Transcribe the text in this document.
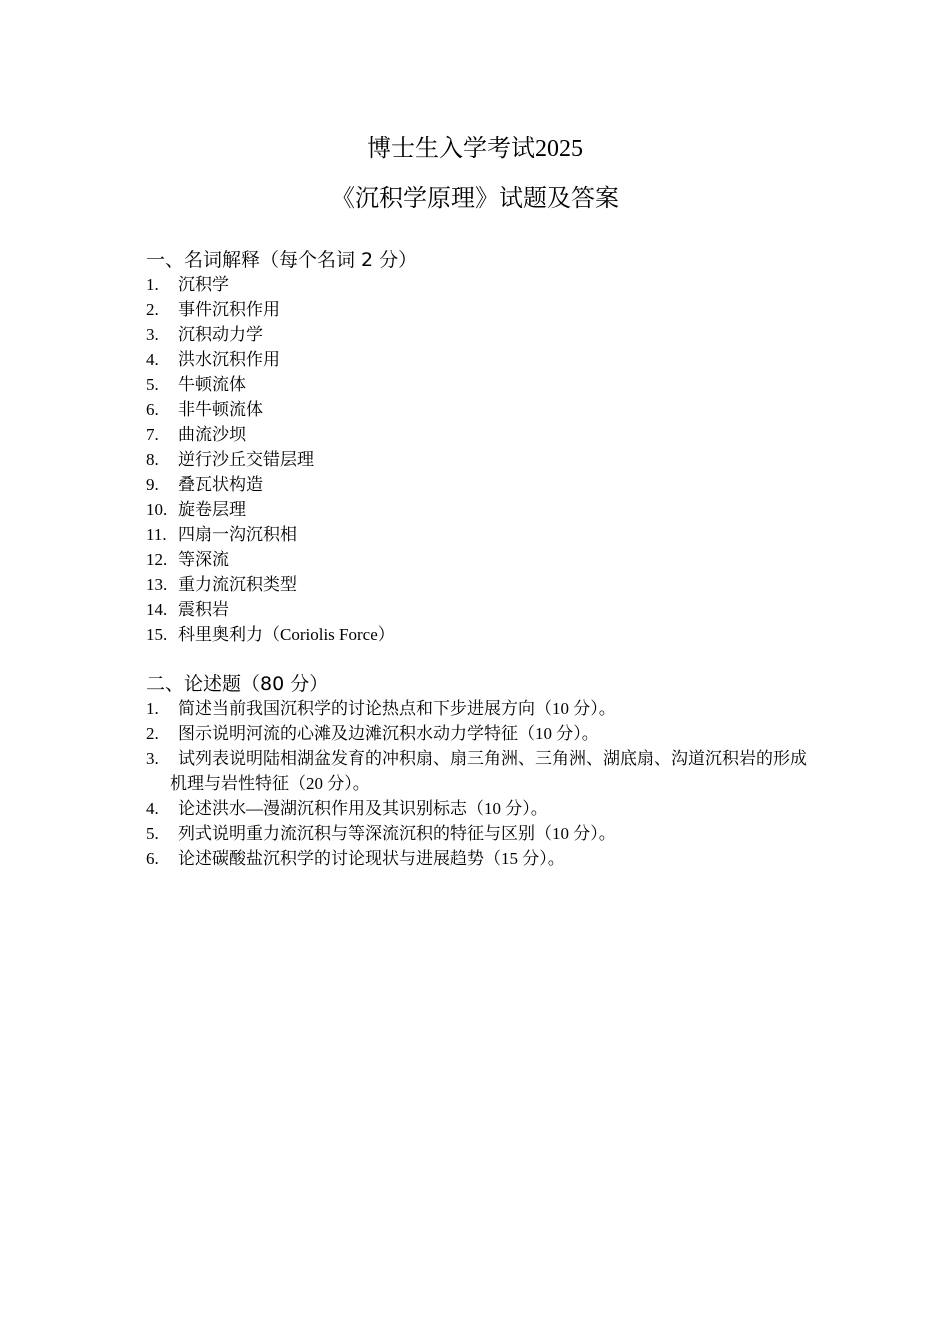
博士生入学考试2025
《沉积学原理》试题及答案
一、名词解释（每个名词 2 分）
1. 沉积学
2. 事件沉积作用
3. 沉积动力学
4. 洪水沉积作用
5. 牛顿流体
6. 非牛顿流体
7. 曲流沙坝
8. 逆行沙丘交错层理
9. 叠瓦状构造
10. 旋卷层理
11. 四扇一沟沉积相
12. 等深流
13. 重力流沉积类型
14. 震积岩
15. 科里奥利力（Coriolis Force）
二、论述题（80 分）
1. 简述当前我国沉积学的讨论热点和下步进展方向（10 分）。
2. 图示说明河流的心滩及边滩沉积水动力学特征（10 分）。
3. 试列表说明陆相湖盆发育的冲积扇、扇三角洲、三角洲、湖底扇、沟道沉积岩的形成机理与岩性特征（20 分）。
4. 论述洪水—漫湖沉积作用及其识别标志（10 分）。
5. 列式说明重力流沉积与等深流沉积的特征与区别（10 分）。
6. 论述碳酸盐沉积学的讨论现状与进展趋势（15 分）。
